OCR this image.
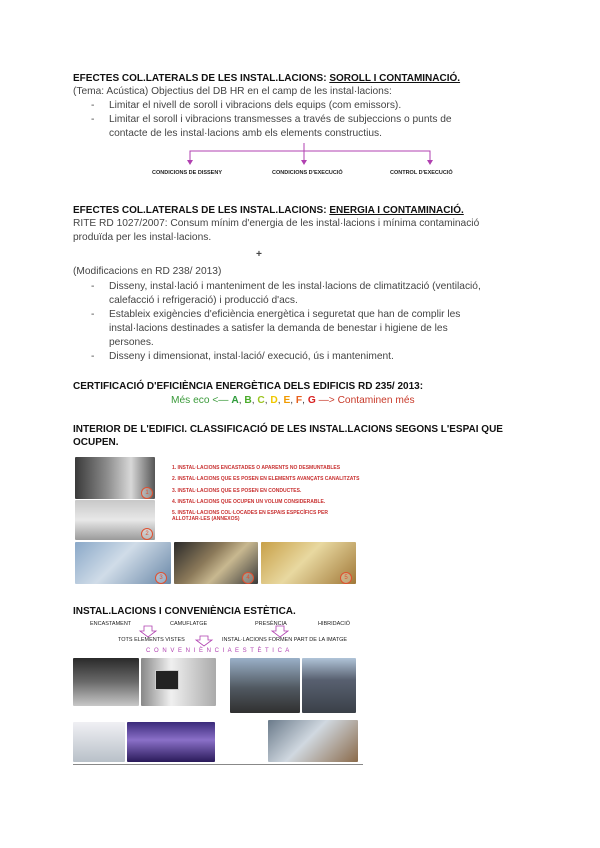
EFECTES COL.LATERALS DE LES INSTAL.LACIONS: SOROLL I CONTAMINACIÓ.
(Tema: Acústica) Objectius del DB HR en el camp de les instal·lacions:
- Limitar el nivell de soroll i vibracions dels equips (com emissors).
- Limitar el soroll i vibracions transmesses a través de subjeccions o punts de
contacte de les instal·lacions amb els elements constructius.
CONDICIONS DE DISSENY	CONDICIONS D'EXECUCIÓ	CONTROL D'EXECUCIÓ
EFECTES COL.LATERALS DE LES INSTAL.LACIONS: ENERGIA I CONTAMINACIÓ.
RITE RD 1027/2007: Consum mínim d'energia de les instal·lacions i mínima contaminació
produïda per les instal·lacions.
+
(Modificacions en RD 238/ 2013)
- Disseny, instal·lació i manteniment de les instal·lacions de climatització (ventilació,
calefacció i refrigeració) i producció d'acs.
- Estableix exigències d'eficiència energètica i seguretat que han de complir les
instal·lacions destinades a satisfer la demanda de benestar i higiene de les
persones.
- Disseny i dimensionat, instal·lació/ execució, ús i manteniment.
CERTIFICACIÓ D'EFICIÈNCIA ENERGÈTICA DELS EDIFICIS RD 235/ 2013:
Més eco <— A, B, C, D, E, F, G —> Contaminen més
INTERIOR DE L'EDIFICI. CLASSIFICACIÓ DE LES INSTAL.LACIONS SEGONS L'ESPAI QUE
OCUPEN.
1
2
3	4	5
1. INSTAL·LACIONS ENCASTADES O APARENTS NO DESMUNTABLES
2. INSTAL·LACIONS QUE ES POSEN EN ELEMENTS AVANÇATS CANALITZATS
3. INSTAL·LACIONS QUE ES POSEN EN CONDUCTES.
4. INSTAL·LACIONS QUE OCUPEN UN VOLUM CONSIDERABLE.
5. INSTAL·LACIONS COL·LOCADES EN ESPAIS ESPECÍFICS PER
ALLOTJAR-LES (ANNEXOS)
INSTAL.LACIONS I CONVENIÈNCIA ESTÈTICA.
ENCASTAMENT	CAMUFLATGE	PRESÈNCIA	HIBRIDACIÓ
TOTS ELEMENTS VISTES	INSTAL·LACIONS FORMEN PART DE LA IMATGE
C O N V E N I È N C I A E S T È T I C A
